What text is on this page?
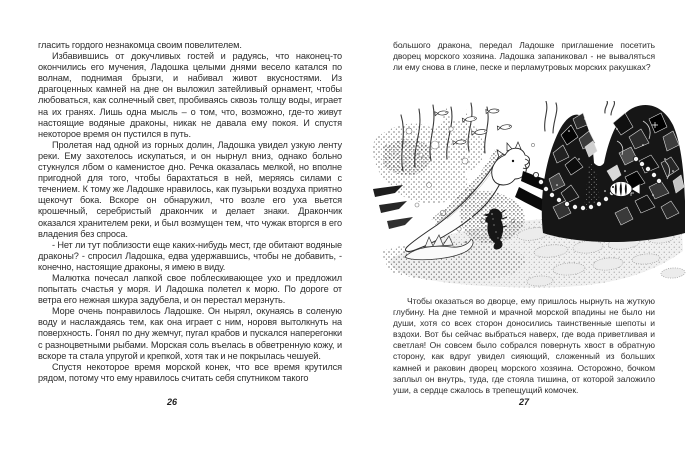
гласить гордого незнакомца своим повелителем.

Избавившись от докучливых гостей и радуясь, что наконец-то окончились его мучения, Ладошка целыми днями весело катался по волнам, поднимая брызги, и набивал живот вкусностями. Из драгоценных камней на дне он выложил затейливый орнамент, чтобы любоваться, как солнечный свет, пробиваясь сквозь толщу воды, играет на их гранях. Лишь одна мысль – о том, что, возможно, где-то живут настоящие водяные драконы, никак не давала ему покоя. И спустя некоторое время он пустился в путь.

Пролетая над одной из горных долин, Ладошка увидел узкую ленту реки. Ему захотелось искупаться, и он нырнул вниз, однако больно стукнулся лбом о каменистое дно. Речка оказалась мелкой, но вполне пригодной для того, чтобы барахтаться в ней, меряясь силами с течением. К тому же Ладошке нравилось, как пузырьки воздуха приятно щекочут бока. Вскоре он обнаружил, что возле его уха вьется крошечный, серебристый дракончик и делает знаки. Дракончик оказался хранителем реки, и был возмущен тем, что чужак вторгся в его владения без спроса.

- Нет ли тут поблизости еще каких-нибудь мест, где обитают водяные драконы? - спросил Ладошка, едва удержавшись, чтобы не добавить, - конечно, настоящие драконы, я имею в виду.

Малютка почесал лапкой свое поблескивающее ухо и предложил попытать счастья у моря. И Ладошка полетел к морю. По дороге от ветра его нежная шкура задубела, и он перестал мерзнуть.

Море очень понравилось Ладошке. Он нырял, окунаясь в соленую воду и наслаждаясь тем, как она играет с ним, норовя вытолкнуть на поверхность. Гонял по дну жемчуг, пугал крабов и пускался наперегонки с разноцветными рыбами. Морская соль въелась в обветренную кожу, и вскоре та стала упругой и крепкой, хотя так и не покрылась чешуей.

Спустя некоторое время морской конек, что все время крутился рядом, потому что ему нравилось считать себя спутником такого

большого дракона, передал Ладошке приглашение посетить дворец морского хозяина. Ладошка запаниковал - не вываляться ли ему снова в глине, песке и перламутровых морских ракушках?

Чтобы оказаться во дворце, ему пришлось нырнуть на жуткую глубину. На дне темной и мрачной морской впадины не было ни души, хотя со всех сторон доносились таинственные шепоты и вздохи. Вот бы сейчас выбраться наверх, где вода приветливая и светлая! Он совсем было собрался повернуть хвост в обратную сторону, как вдруг увидел сияющий, сложенный из больших камней и раковин дворец морского хозяина. Осторожно, бочком заплыл он внутрь, туда, где стояла тишина, от которой заложило уши, а сердце сжалось в трепещущий комочек.

26	27
